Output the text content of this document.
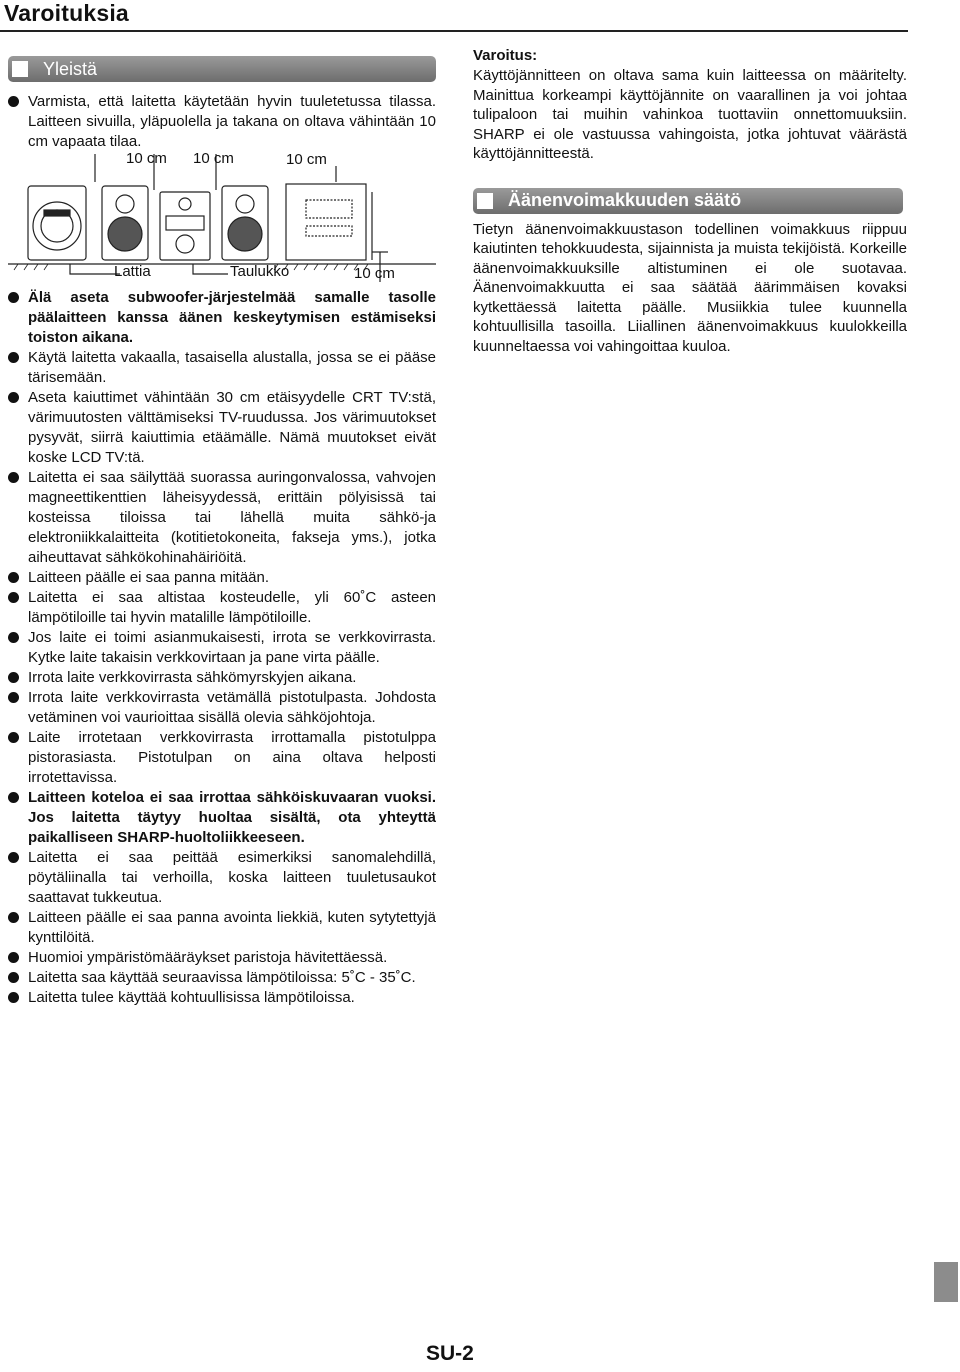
Varoituksia
Yleistä
Varmista, että laitetta käytetään hyvin tuuletetussa tilassa. Laitteen sivuilla, yläpuolella ja takana on oltava vähintään 10 cm vapaata tilaa.
10 cm 10 cm	10 cm
Lattia	Taulukko	10 cm
Älä aseta subwoofer-järjestelmää samalle tasolle päälaitteen kanssa äänen keskeytymisen estämiseksi toiston aikana.
Käytä laitetta vakaalla, tasaisella alustalla, jossa se ei pääse tärisemään.
Aseta kaiuttimet vähintään 30 cm etäisyydelle CRT TV:stä, värimuutosten välttämiseksi TV-ruudussa. Jos värimuutokset pysyvät, siirrä kaiuttimia etäämälle. Nämä muutokset eivät koske LCD TV:tä.
Laitetta ei saa säilyttää suorassa auringonvalossa, vahvojen magneettikenttien läheisyydessä, erittäin pölyisissä tai kosteissa tiloissa tai lähellä muita sähkö-ja elektroniikkalaitteita (kotitietokoneita, fakseja yms.), jotka aiheuttavat sähkökohinahäiriöitä.
Laitteen päälle ei saa panna mitään.
Laitetta ei saa altistaa kosteudelle, yli 60˚C asteen lämpötiloille tai hyvin matalille lämpötiloille.
Jos laite ei toimi asianmukaisesti, irrota se verkkovirrasta. Kytke laite takaisin verkkovirtaan ja pane virta päälle.
Irrota laite verkkovirrasta sähkömyrskyjen aikana.
Irrota laite verkkovirrasta vetämällä pistotulpasta. Johdosta vetäminen voi vaurioittaa sisällä olevia sähköjohtoja.
Laite irrotetaan verkkovirrasta irrottamalla pistotulppa pistorasiasta. Pistotulpan on aina oltava helposti irrotettavissa.
Laitteen koteloa ei saa irrottaa sähköiskuvaaran vuoksi. Jos laitetta täytyy huoltaa sisältä, ota yhteyttä paikalliseen SHARP-huoltoliikkeeseen.
Laitetta ei saa peittää esimerkiksi sanomalehdillä, pöytäliinalla tai verhoilla, koska laitteen tuuletusaukot saattavat tukkeutua.
Laitteen päälle ei saa panna avointa liekkiä, kuten sytytettyjä kynttilöitä.
Huomioi ympäristömääräykset paristoja hävitettäessä.
Laitetta saa käyttää seuraavissa lämpötiloissa: 5˚C - 35˚C.
Laitetta tulee käyttää kohtuullisissa lämpötiloissa.
Varoitus:
Käyttöjännitteen on oltava sama kuin laitteessa on määritelty. Mainittua korkeampi käyttöjännite on vaarallinen ja voi johtaa tulipaloon tai muihin vahinkoa tuottaviin onnettomuuksiin. SHARP ei ole vastuussa vahingoista, jotka johtuvat väärästä käyttöjännitteestä.
Äänenvoimakkuuden säätö
Tietyn äänenvoimakkuustason todellinen voimakkuus riippuu kaiutinten tehokkuudesta, sijainnista ja muista tekijöistä. Korkeille äänenvoimakkuuksille altistuminen ei ole suotavaa. Äänenvoimakkuutta ei saa säätää äärimmäisen kovaksi kytkettäessä laitetta päälle. Musiikkia tulee kuunnella kohtuullisilla tasoilla. Liiallinen äänenvoimakkuus kuulokkeilla kuunneltaessa voi vahingoittaa kuuloa.
SU-2
